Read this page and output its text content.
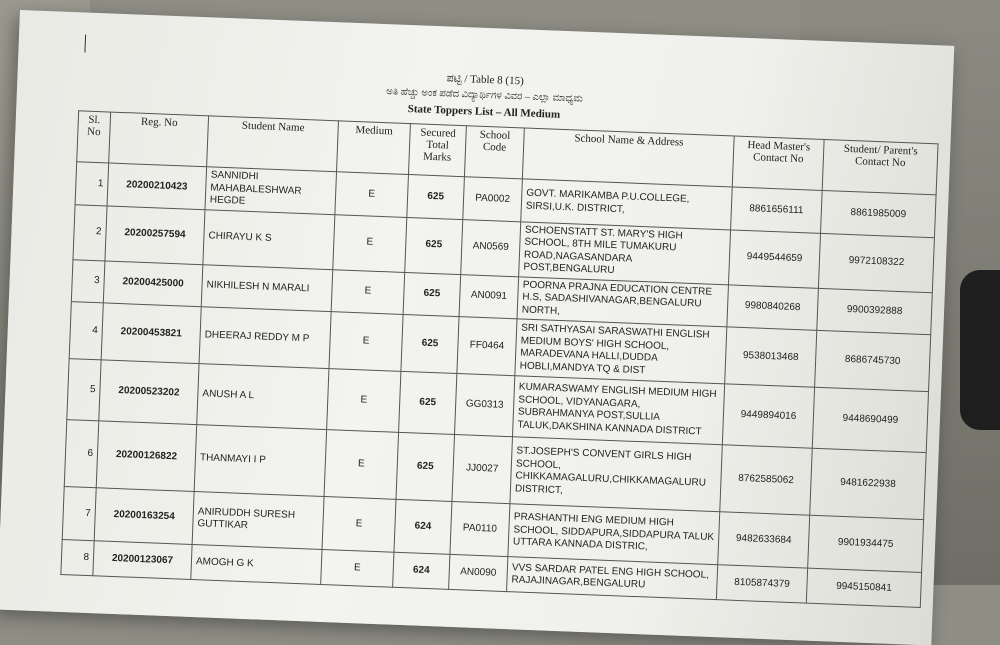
ಪಟ್ಟಿ / Table 8 (15)
ಅತಿ ಹೆಚ್ಚು ಅಂಕ ಪಡೆದ ವಿದ್ಯಾರ್ಥಿಗಳ ವಿವರ – ಎಲ್ಲಾ ಮಾಧ್ಯಮ
State Toppers List – All Medium
Sl. No	Reg. No	Student Name	Medium	Secured Total Marks	School Code	School Name & Address	Head Master's Contact No	Student/ Parent's Contact No
1	20200210423	SANNIDHI MAHABALESHWAR HEGDE	E	625	PA0002	GOVT. MARIKAMBA P.U.COLLEGE, SIRSI,U.K. DISTRICT,	8861656111	8861985009
2	20200257594	CHIRAYU K S	E	625	AN0569	SCHOENSTATT ST. MARY'S HIGH SCHOOL, 8TH MILE TUMAKURU ROAD,NAGASANDARA POST,BENGALURU	9449544659	9972108322
3	20200425000	NIKHILESH N MARALI	E	625	AN0091	POORNA PRAJNA EDUCATION CENTRE H.S, SADASHIVANAGAR,BENGALURU NORTH,	9980840268	9900392888
4	20200453821	DHEERAJ REDDY M P	E	625	FF0464	SRI SATHYASAI SARASWATHI ENGLISH MEDIUM BOYS' HIGH SCHOOL, MARADEVANA HALLI,DUDDA HOBLI,MANDYA TQ & DIST	9538013468	8686745730
5	20200523202	ANUSH A L	E	625	GG0313	KUMARASWAMY ENGLISH MEDIUM HIGH SCHOOL, VIDYANAGARA, SUBRAHMANYA POST,SULLIA TALUK,DAKSHINA KANNADA DISTRICT	9449894016	9448690499
6	20200126822	THANMAYI I P	E	625	JJ0027	ST.JOSEPH'S CONVENT GIRLS HIGH SCHOOL, CHIKKAMAGALURU,CHIKKAMAGALURU DISTRICT,	8762585062	9481622938
7	20200163254	ANIRUDDH SURESH GUTTIKAR	E	624	PA0110	PRASHANTHI ENG MEDIUM HIGH SCHOOL, SIDDAPURA,SIDDAPURA TALUK UTTARA KANNADA DISTRIC,	9482633684	9901934475
8	20200123067	AMOGH G K	E	624	AN0090	VVS SARDAR PATEL ENG HIGH SCHOOL, RAJAJINAGAR,BENGALURU	8105874379	9945150841
